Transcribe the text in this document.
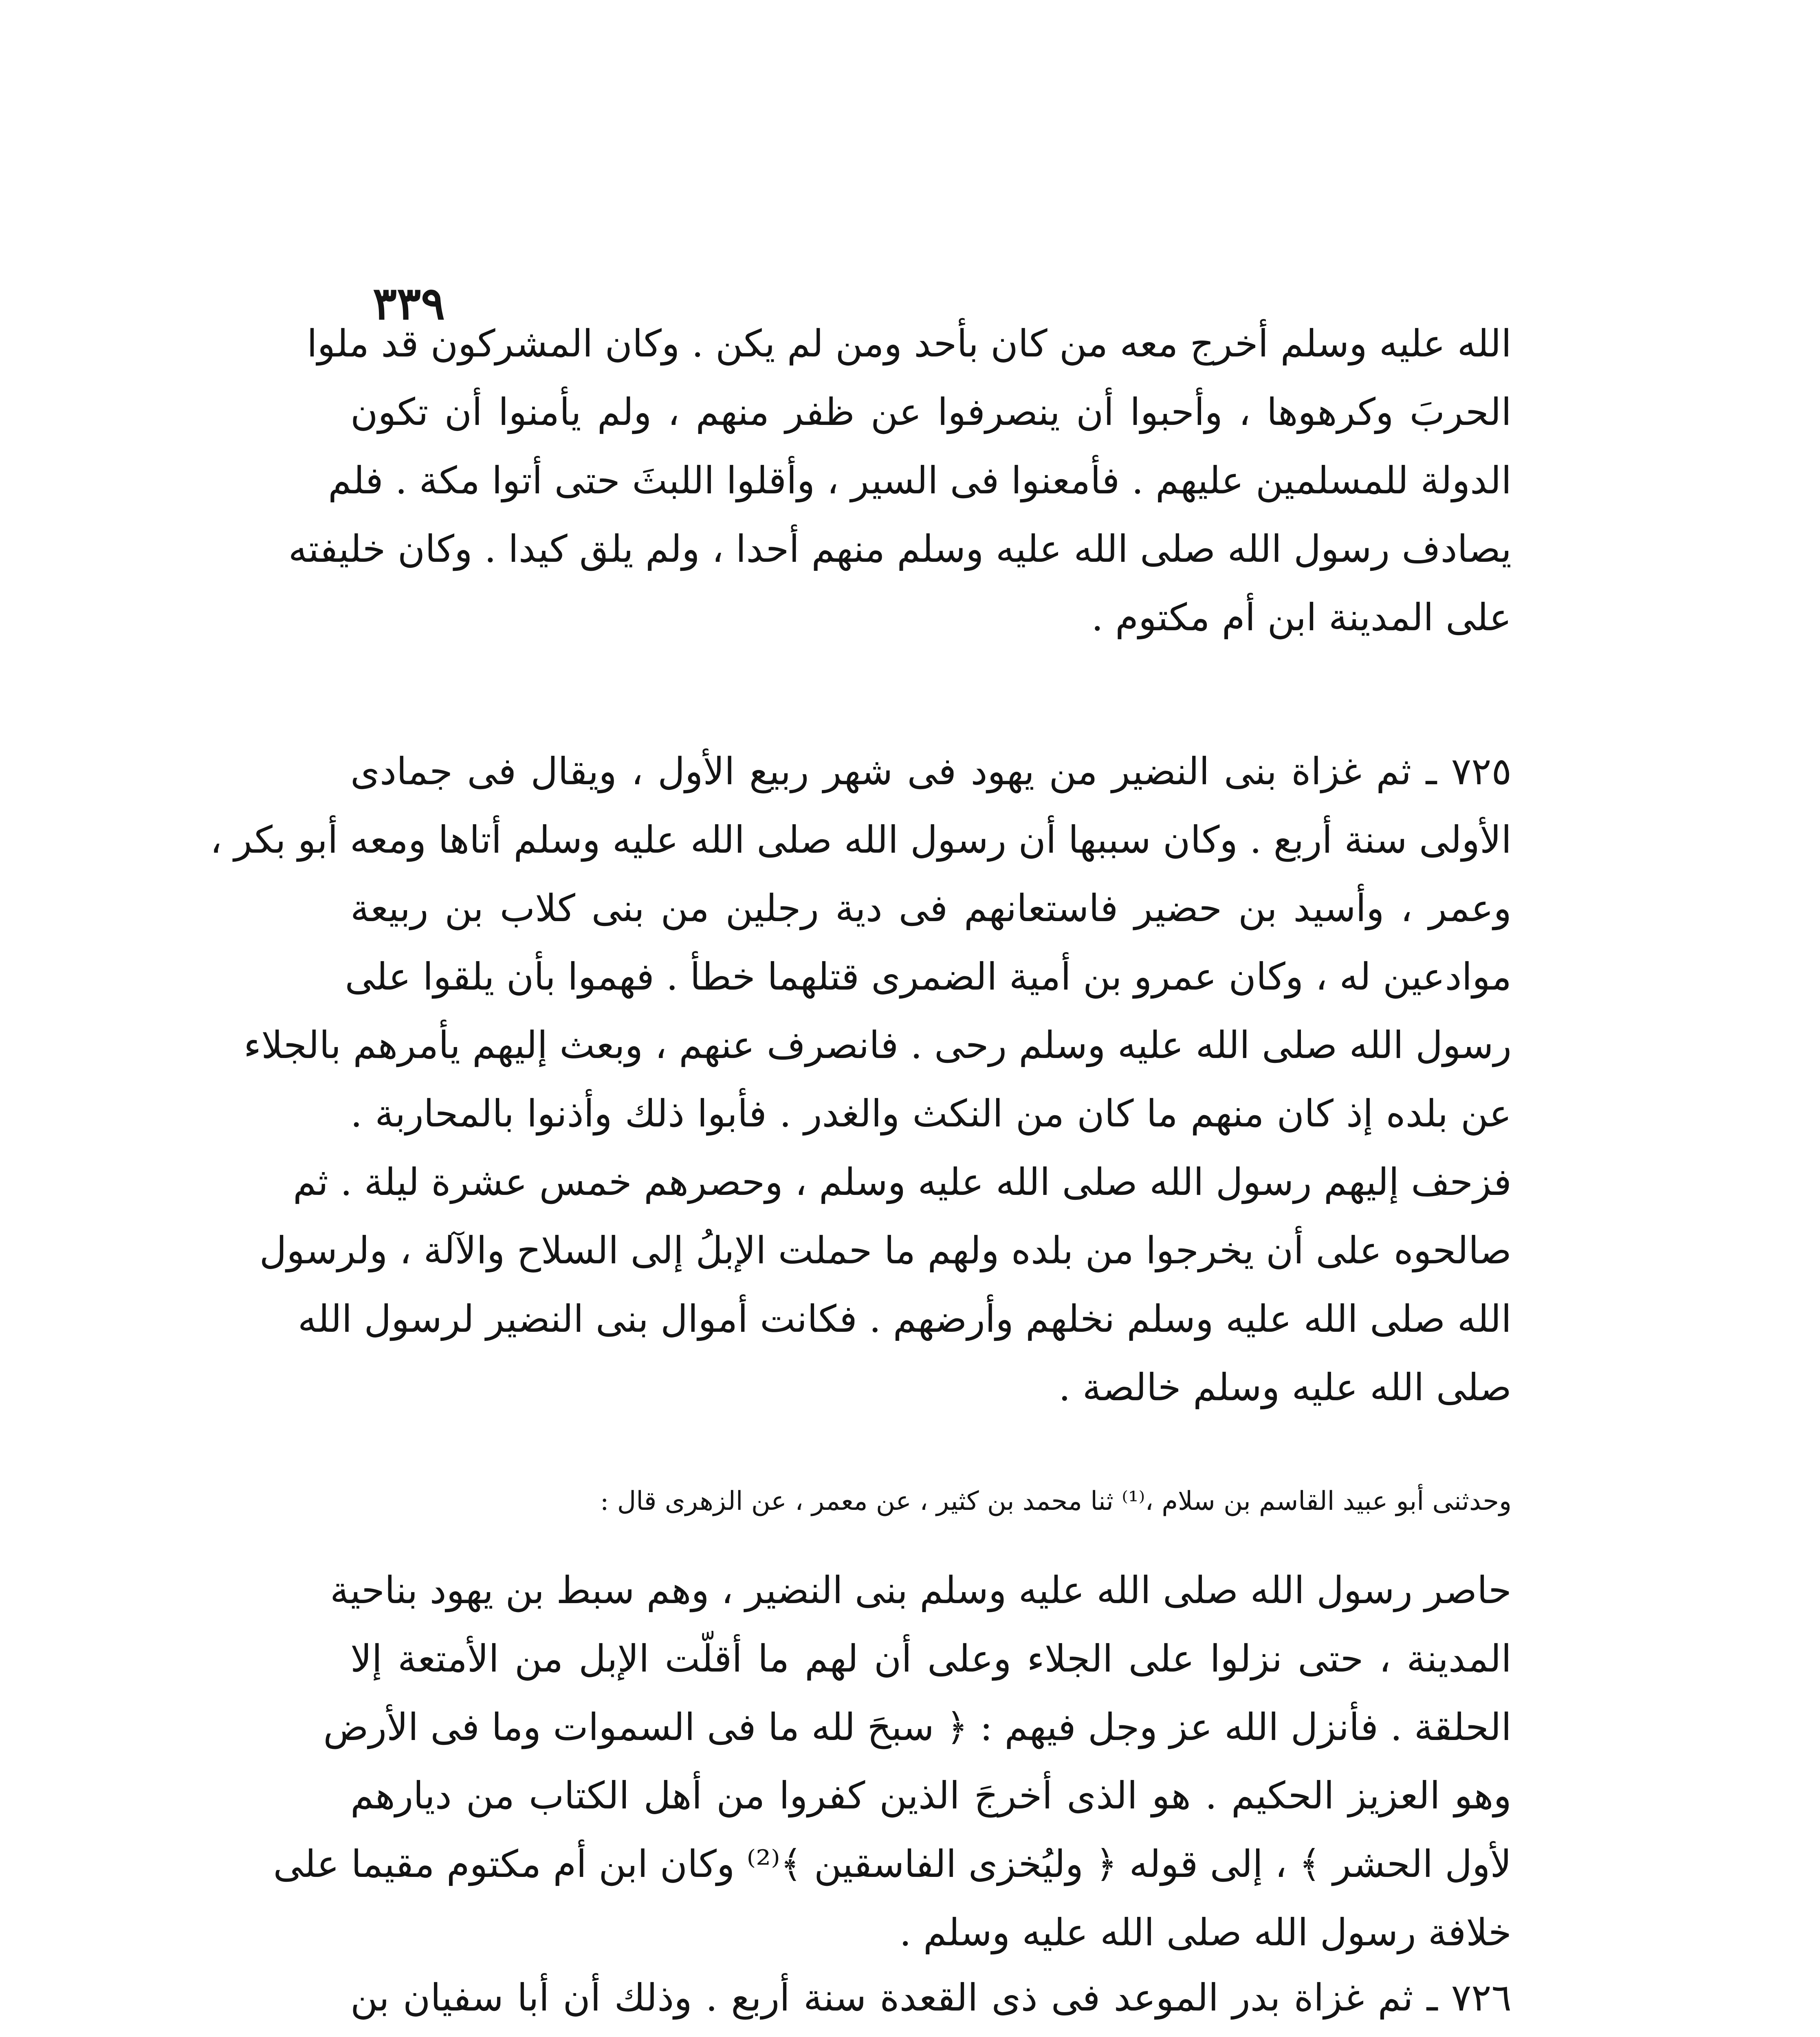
٣٣٩
الله عليه وسلم أخرج معه من كان بأحد ومن لم يكن . وكان المشركون قد ملوا
الحربَ وكرهوها ، وأحبوا أن ينصرفوا عن ظفر منهم ، ولم يأمنوا أن تكون
الدولة للمسلمين عليهم . فأمعنوا فى السير ، وأقلوا اللبثَ حتى أتوا مكة . فلم
يصادف رسول الله صلى الله عليه وسلم منهم أحدا ، ولم يلق كيدا . وكان خليفته
على المدينة ابن أم مكتوم .
٧٢٥ ـ ثم غزاة بنى النضير من يهود فى شهر ربيع الأول ، ويقال فى جمادى
الأولى سنة أربع . وكان سببها أن رسول الله صلى الله عليه وسلم أتاها ومعه أبو بكر ،
وعمر ، وأسيد بن حضير فاستعانهم فى دية رجلين من بنى كلاب بن ربيعة
موادعين له ، وكان عمرو بن أمية الضمرى قتلهما خطأ . فهموا بأن يلقوا على
رسول الله صلى الله عليه وسلم رحى . فانصرف عنهم ، وبعث إليهم يأمرهم بالجلاء
عن بلده إذ كان منهم ما كان من النكث والغدر . فأبوا ذلك وأذنوا بالمحاربة .
فزحف إليهم رسول الله صلى الله عليه وسلم ، وحصرهم خمس عشرة ليلة . ثم
صالحوه على أن يخرجوا من بلده ولهم ما حملت الإبلُ إلى السلاح والآلة ، ولرسول
الله صلى الله عليه وسلم نخلهم وأرضهم . فكانت أموال بنى النضير لرسول الله
صلى الله عليه وسلم خالصة .
وحدثنى أبو عبيد القاسم بن سلام ،⁽¹⁾ ثنا محمد بن كثير ، عن معمر ، عن الزهرى قال :
حاصر رسول الله صلى الله عليه وسلم بنى النضير ، وهم سبط بن يهود بناحية
المدينة ، حتى نزلوا على الجلاء وعلى أن لهم ما أقلّت الإبل من الأمتعة إلا
الحلقة . فأنزل الله عز وجل فيهم : ﴿ سبحَ لله ما فى السموات وما فى الأرض
وهو العزيز الحكيم . هو الذى أخرجَ الذين كفروا من أهل الكتاب من ديارهم
لأول الحشر ﴾ ، إلى قوله ﴿ وليُخزى الفاسقين ﴾⁽²⁾ وكان ابن أم مكتوم مقيما على
خلافة رسول الله صلى الله عليه وسلم .
٧٢٦ ـ ثم غزاة بدر الموعد فى ذى القعدة سنة أربع . وذلك أن أبا سفيان بن
